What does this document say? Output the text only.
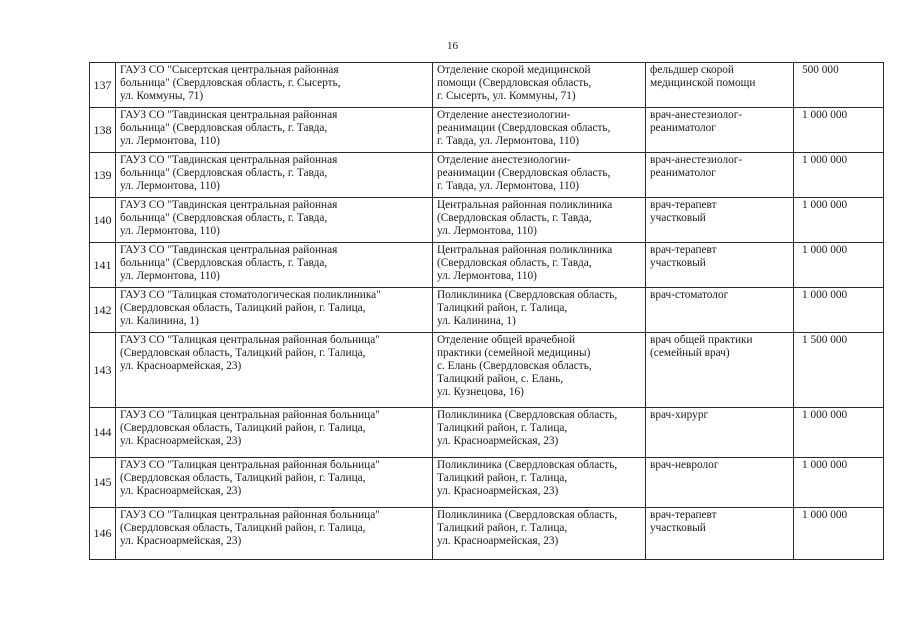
16
137	ГАУЗ СО "Сысертская центральная районная
больница" (Свердловская область, г. Сысерть,
ул. Коммуны, 71)	Отделение скорой медицинской
помощи (Свердловская область,
г. Сысерть, ул. Коммуны, 71)	фельдшер скорой
медицинской помощи	500 000
138	ГАУЗ СО "Тавдинская центральная районная
больница" (Свердловская область, г. Тавда,
ул. Лермонтова, 110)	Отделение анестезиологии-
реанимации (Свердловская область,
г. Тавда, ул. Лермонтова, 110)	врач-анестезиолог-
реаниматолог	1 000 000
139	ГАУЗ СО "Тавдинская центральная районная
больница" (Свердловская область, г. Тавда,
ул. Лермонтова, 110)	Отделение анестезиологии-
реанимации (Свердловская область,
г. Тавда, ул. Лермонтова, 110)	врач-анестезиолог-
реаниматолог	1 000 000
140	ГАУЗ СО "Тавдинская центральная районная
больница" (Свердловская область, г. Тавда,
ул. Лермонтова, 110)	Центральная районная поликлиника
(Свердловская область, г. Тавда,
ул. Лермонтова, 110)	врач-терапевт
участковый	1 000 000
141	ГАУЗ СО "Тавдинская центральная районная
больница" (Свердловская область, г. Тавда,
ул. Лермонтова, 110)	Центральная районная поликлиника
(Свердловская область, г. Тавда,
ул. Лермонтова, 110)	врач-терапевт
участковый	1 000 000
142	ГАУЗ СО "Талицкая стоматологическая поликлиника"
(Свердловская область, Талицкий район, г. Талица,
ул. Калинина, 1)	Поликлиника (Свердловская область,
Талицкий район, г. Талица,
ул. Калинина, 1)	врач-стоматолог	1 000 000
143	ГАУЗ СО "Талицкая центральная районная больница"
(Свердловская область, Талицкий район, г. Талица,
ул. Красноармейская, 23)	Отделение общей врачебной
практики (семейной медицины)
с. Елань (Свердловская область,
Талицкий район, с. Елань,
ул. Кузнецова, 16)	врач общей практики
(семейный врач)	1 500 000
144	ГАУЗ СО "Талицкая центральная районная больница"
(Свердловская область, Талицкий район, г. Талица,
ул. Красноармейская, 23)	Поликлиника (Свердловская область,
Талицкий район, г. Талица,
ул. Красноармейская, 23)	врач-хирург	1 000 000
145	ГАУЗ СО "Талицкая центральная районная больница"
(Свердловская область, Талицкий район, г. Талица,
ул. Красноармейская, 23)	Поликлиника (Свердловская область,
Талицкий район, г. Талица,
ул. Красноармейская, 23)	врач-невролог	1 000 000
146	ГАУЗ СО "Талицкая центральная районная больница"
(Свердловская область, Талицкий район, г. Талица,
ул. Красноармейская, 23)	Поликлиника (Свердловская область,
Талицкий район, г. Талица,
ул. Красноармейская, 23)	врач-терапевт
участковый	1 000 000
